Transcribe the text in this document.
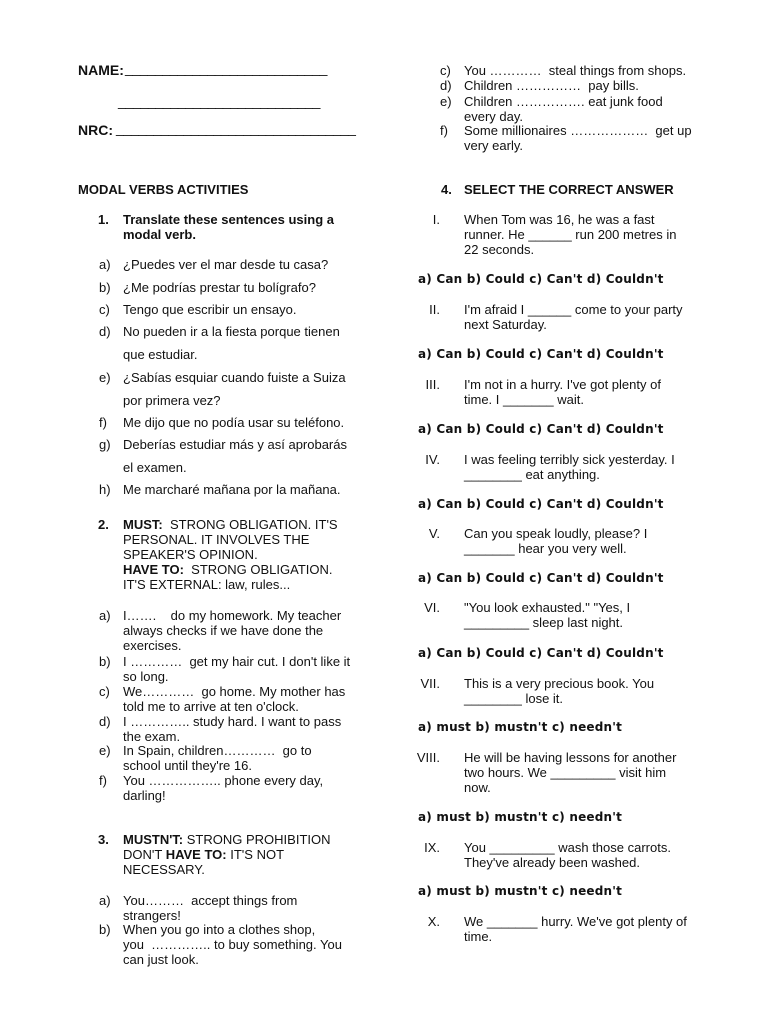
NAME: ___________________________
___________________________
NRC: ________________________________
MODAL VERBS ACTIVITIES
1. Translate these sentences using a
modal verb.
a) ¿Puedes ver el mar desde tu casa?
b) ¿Me podrías prestar tu bolígrafo?
c) Tengo que escribir un ensayo.
d) No pueden ir a la fiesta porque tienen
que estudiar.
e) ¿Sabías esquiar cuando fuiste a Suiza
por primera vez?
f) Me dijo que no podía usar su teléfono.
g) Deberías estudiar más y así aprobarás
el examen.
h) Me marcharé mañana por la mañana.
2. MUST: STRONG OBLIGATION. IT'S
PERSONAL. IT INVOLVES THE
SPEAKER'S OPINION.
HAVE TO: STRONG OBLIGATION.
IT'S EXTERNAL: law, rules...
a) I…….    do my homework. My teacher
always checks if we have done the
exercises.
b) I …………  get my hair cut. I don't like it
so long.
c) We…………  go home. My mother has
told me to arrive at ten o'clock.
d) I ………….. study hard. I want to pass
the exam.
e) In Spain, children…………  go to
school until they're 16.
f) You …………….. phone every day,
darling!
3. MUSTN'T: STRONG PROHIBITION
DON'T HAVE TO: IT'S NOT
NECESSARY.
a) You………  accept things from
strangers!
b) When you go into a clothes shop,
you  ………….. to buy something. You
can just look.
c) You …………  steal things from shops.
d) Children ……………  pay bills.
e) Children ……………. eat junk food
every day.
f) Some millionaires ………………  get up
very early.
4. SELECT THE CORRECT ANSWER
I. When Tom was 16, he was a fast
runner. He ______ run 200 metres in
22 seconds.
a) Can b) Could c) Can't d) Couldn't
II. I'm afraid I ______ come to your party
next Saturday.
a) Can b) Could c) Can't d) Couldn't
III. I'm not in a hurry. I've got plenty of
time. I _______ wait.
a) Can b) Could c) Can't d) Couldn't
IV. I was feeling terribly sick yesterday. I
________ eat anything.
a) Can b) Could c) Can't d) Couldn't
V. Can you speak loudly, please? I
_______ hear you very well.
a) Can b) Could c) Can't d) Couldn't
VI. "You look exhausted." "Yes, I
_________ sleep last night.
a) Can b) Could c) Can't d) Couldn't
VII. This is a very precious book. You
________ lose it.
a) must b) mustn't c) needn't
VIII. He will be having lessons for another
two hours. We _________ visit him
now.
a) must b) mustn't c) needn't
IX. You _________ wash those carrots.
They've already been washed.
a) must b) mustn't c) needn't
X. We _______ hurry. We've got plenty of
time.
